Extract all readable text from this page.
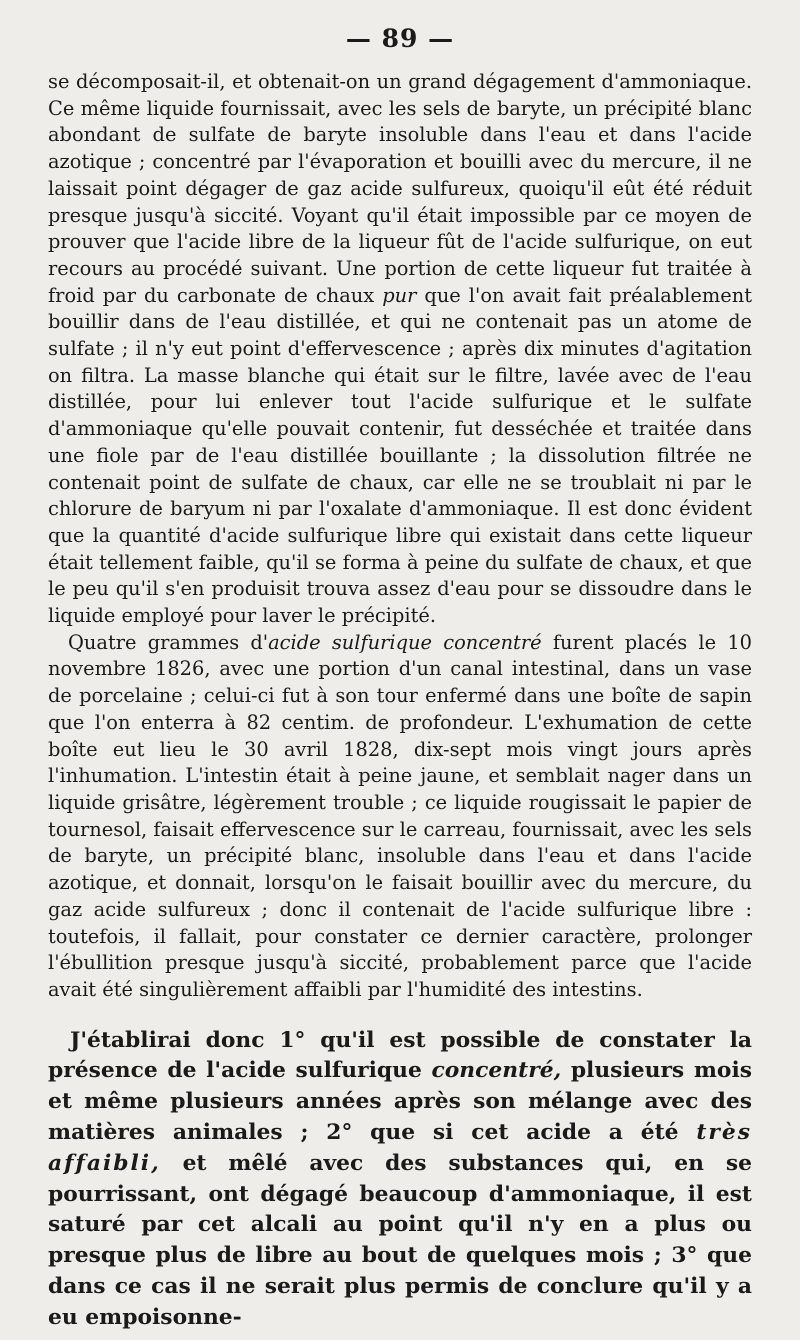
— 89 —

se décomposait-il, et obtenait-on un grand dégagement d'ammoniaque. Ce même liquide fournissait, avec les sels de baryte, un précipité blanc abondant de sulfate de baryte insoluble dans l'eau et dans l'acide azotique ; concentré par l'évaporation et bouilli avec du mercure, il ne laissait point dégager de gaz acide sulfureux, quoiqu'il eût été réduit presque jusqu'à siccité. Voyant qu'il était impossible par ce moyen de prouver que l'acide libre de la liqueur fût de l'acide sulfurique, on eut recours au procédé suivant. Une portion de cette liqueur fut traitée à froid par du carbonate de chaux pur que l'on avait fait préalablement bouillir dans de l'eau distillée, et qui ne contenait pas un atome de sulfate ; il n'y eut point d'effervescence ; après dix minutes d'agitation on filtra. La masse blanche qui était sur le filtre, lavée avec de l'eau distillée, pour lui enlever tout l'acide sulfurique et le sulfate d'ammoniaque qu'elle pouvait contenir, fut desséchée et traitée dans une fiole par de l'eau distillée bouillante ; la dissolution filtrée ne contenait point de sulfate de chaux, car elle ne se troublait ni par le chlorure de baryum ni par l'oxalate d'ammoniaque. Il est donc évident que la quantité d'acide sulfurique libre qui existait dans cette liqueur était tellement faible, qu'il se forma à peine du sulfate de chaux, et que le peu qu'il s'en produisit trouva assez d'eau pour se dissoudre dans le liquide employé pour laver le précipité.

Quatre grammes d'acide sulfurique concentré furent placés le 10 novembre 1826, avec une portion d'un canal intestinal, dans un vase de porcelaine ; celui-ci fut à son tour enfermé dans une boîte de sapin que l'on enterra à 82 centim. de profondeur. L'exhumation de cette boîte eut lieu le 30 avril 1828, dix-sept mois vingt jours après l'inhumation. L'intestin était à peine jaune, et semblait nager dans un liquide grisâtre, légèrement trouble ; ce liquide rougissait le papier de tournesol, faisait effervescence sur le carreau, fournissait, avec les sels de baryte, un précipité blanc, insoluble dans l'eau et dans l'acide azotique, et donnait, lorsqu'on le faisait bouillir avec du mercure, du gaz acide sulfureux ; donc il contenait de l'acide sulfurique libre : toutefois, il fallait, pour constater ce dernier caractère, prolonger l'ébullition presque jusqu'à siccité, probablement parce que l'acide avait été singulièrement affaibli par l'humidité des intestins.

J'établirai donc 1° qu'il est possible de constater la présence de l'acide sulfurique concentré, plusieurs mois et même plusieurs années après son mélange avec des matières animales ; 2° que si cet acide a été très affaibli, et mêlé avec des substances qui, en se pourrissant, ont dégagé beaucoup d'ammoniaque, il est saturé par cet alcali au point qu'il n'y en a plus ou presque plus de libre au bout de quelques mois ; 3° que dans ce cas il ne serait plus permis de conclure qu'il y a eu empoisonne-
